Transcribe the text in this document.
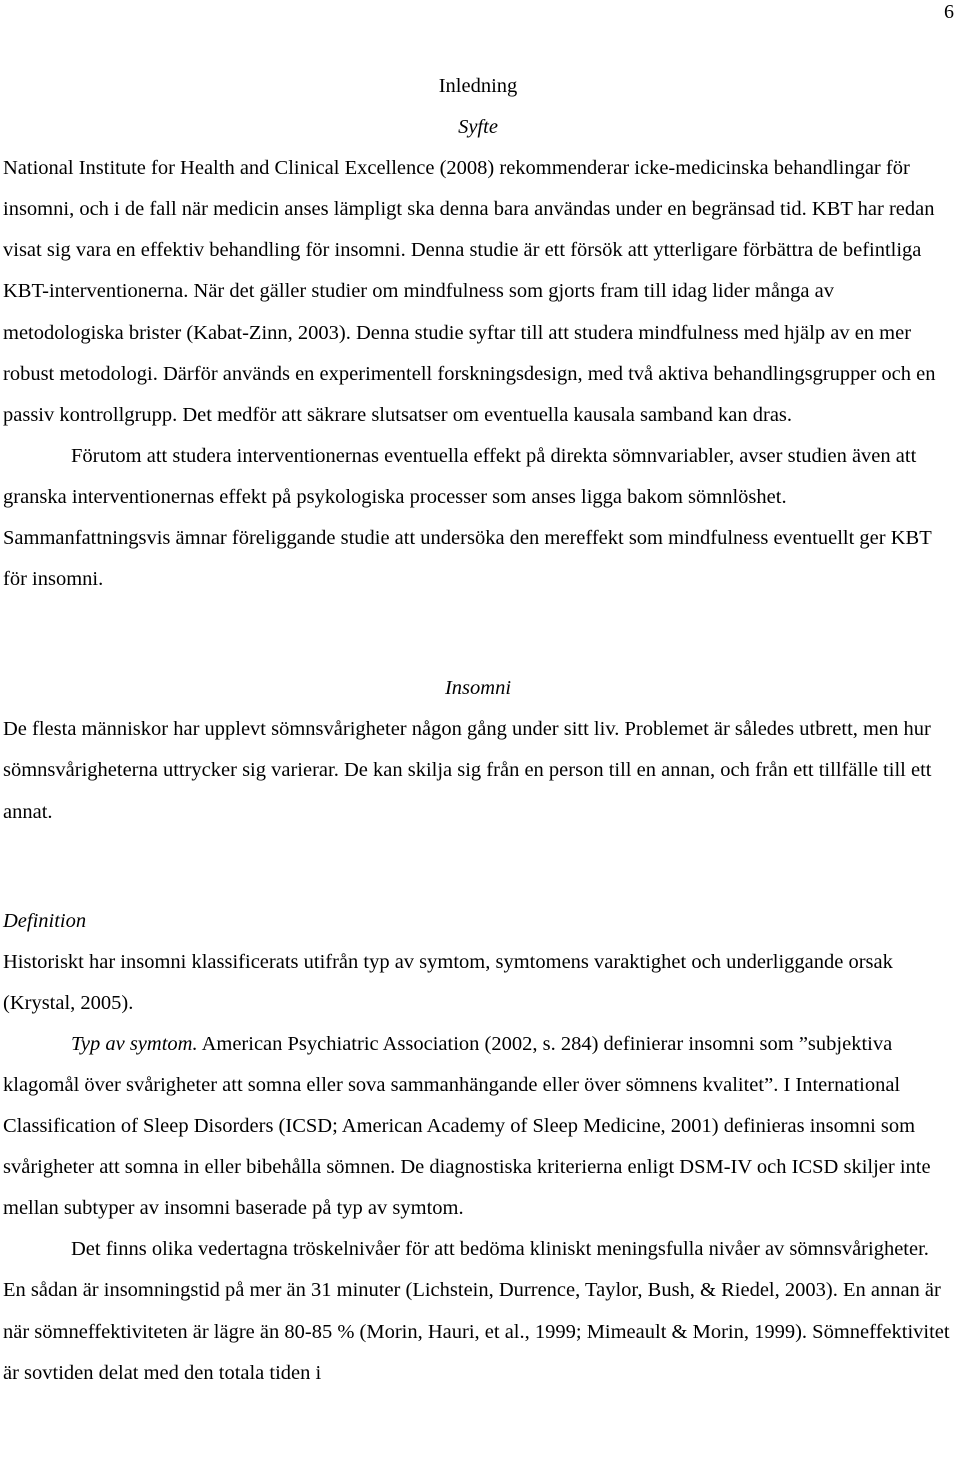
6

Inledning

Syfte

National Institute for Health and Clinical Excellence (2008) rekommenderar icke-medicinska behandlingar för insomni, och i de fall när medicin anses lämpligt ska denna bara användas under en begränsad tid. KBT har redan visat sig vara en effektiv behandling för insomni. Denna studie är ett försök att ytterligare förbättra de befintliga KBT-interventionerna. När det gäller studier om mindfulness som gjorts fram till idag lider många av metodologiska brister (Kabat-Zinn, 2003). Denna studie syftar till att studera mindfulness med hjälp av en mer robust metodologi. Därför används en experimentell forskningsdesign, med två aktiva behandlingsgrupper och en passiv kontrollgrupp. Det medför att säkrare slutsatser om eventuella kausala samband kan dras.

Förutom att studera interventionernas eventuella effekt på direkta sömnvariabler, avser studien även att granska interventionernas effekt på psykologiska processer som anses ligga bakom sömnlöshet. Sammanfattningsvis ämnar föreliggande studie att undersöka den mereffekt som mindfulness eventuellt ger KBT för insomni.

Insomni

De flesta människor har upplevt sömnsvårigheter någon gång under sitt liv. Problemet är således utbrett, men hur sömnsvårigheterna uttrycker sig varierar. De kan skilja sig från en person till en annan, och från ett tillfälle till ett annat.

Definition

Historiskt har insomni klassificerats utifrån typ av symtom, symtomens varaktighet och underliggande orsak (Krystal, 2005).

Typ av symtom. American Psychiatric Association (2002, s. 284) definierar insomni som ”subjektiva klagomål över svårigheter att somna eller sova sammanhängande eller över sömnens kvalitet”. I International Classification of Sleep Disorders (ICSD; American Academy of Sleep Medicine, 2001) definieras insomni som svårigheter att somna in eller bibehålla sömnen. De diagnostiska kriterierna enligt DSM-IV och ICSD skiljer inte mellan subtyper av insomni baserade på typ av symtom.

Det finns olika vedertagna tröskelnivåer för att bedöma kliniskt meningsfulla nivåer av sömnsvårigheter. En sådan är insomningstid på mer än 31 minuter (Lichstein, Durrence, Taylor, Bush, & Riedel, 2003). En annan är när sömneffektiviteten är lägre än 80-85 % (Morin, Hauri, et al., 1999; Mimeault & Morin, 1999). Sömneffektivitet är sovtiden delat med den totala tiden i
